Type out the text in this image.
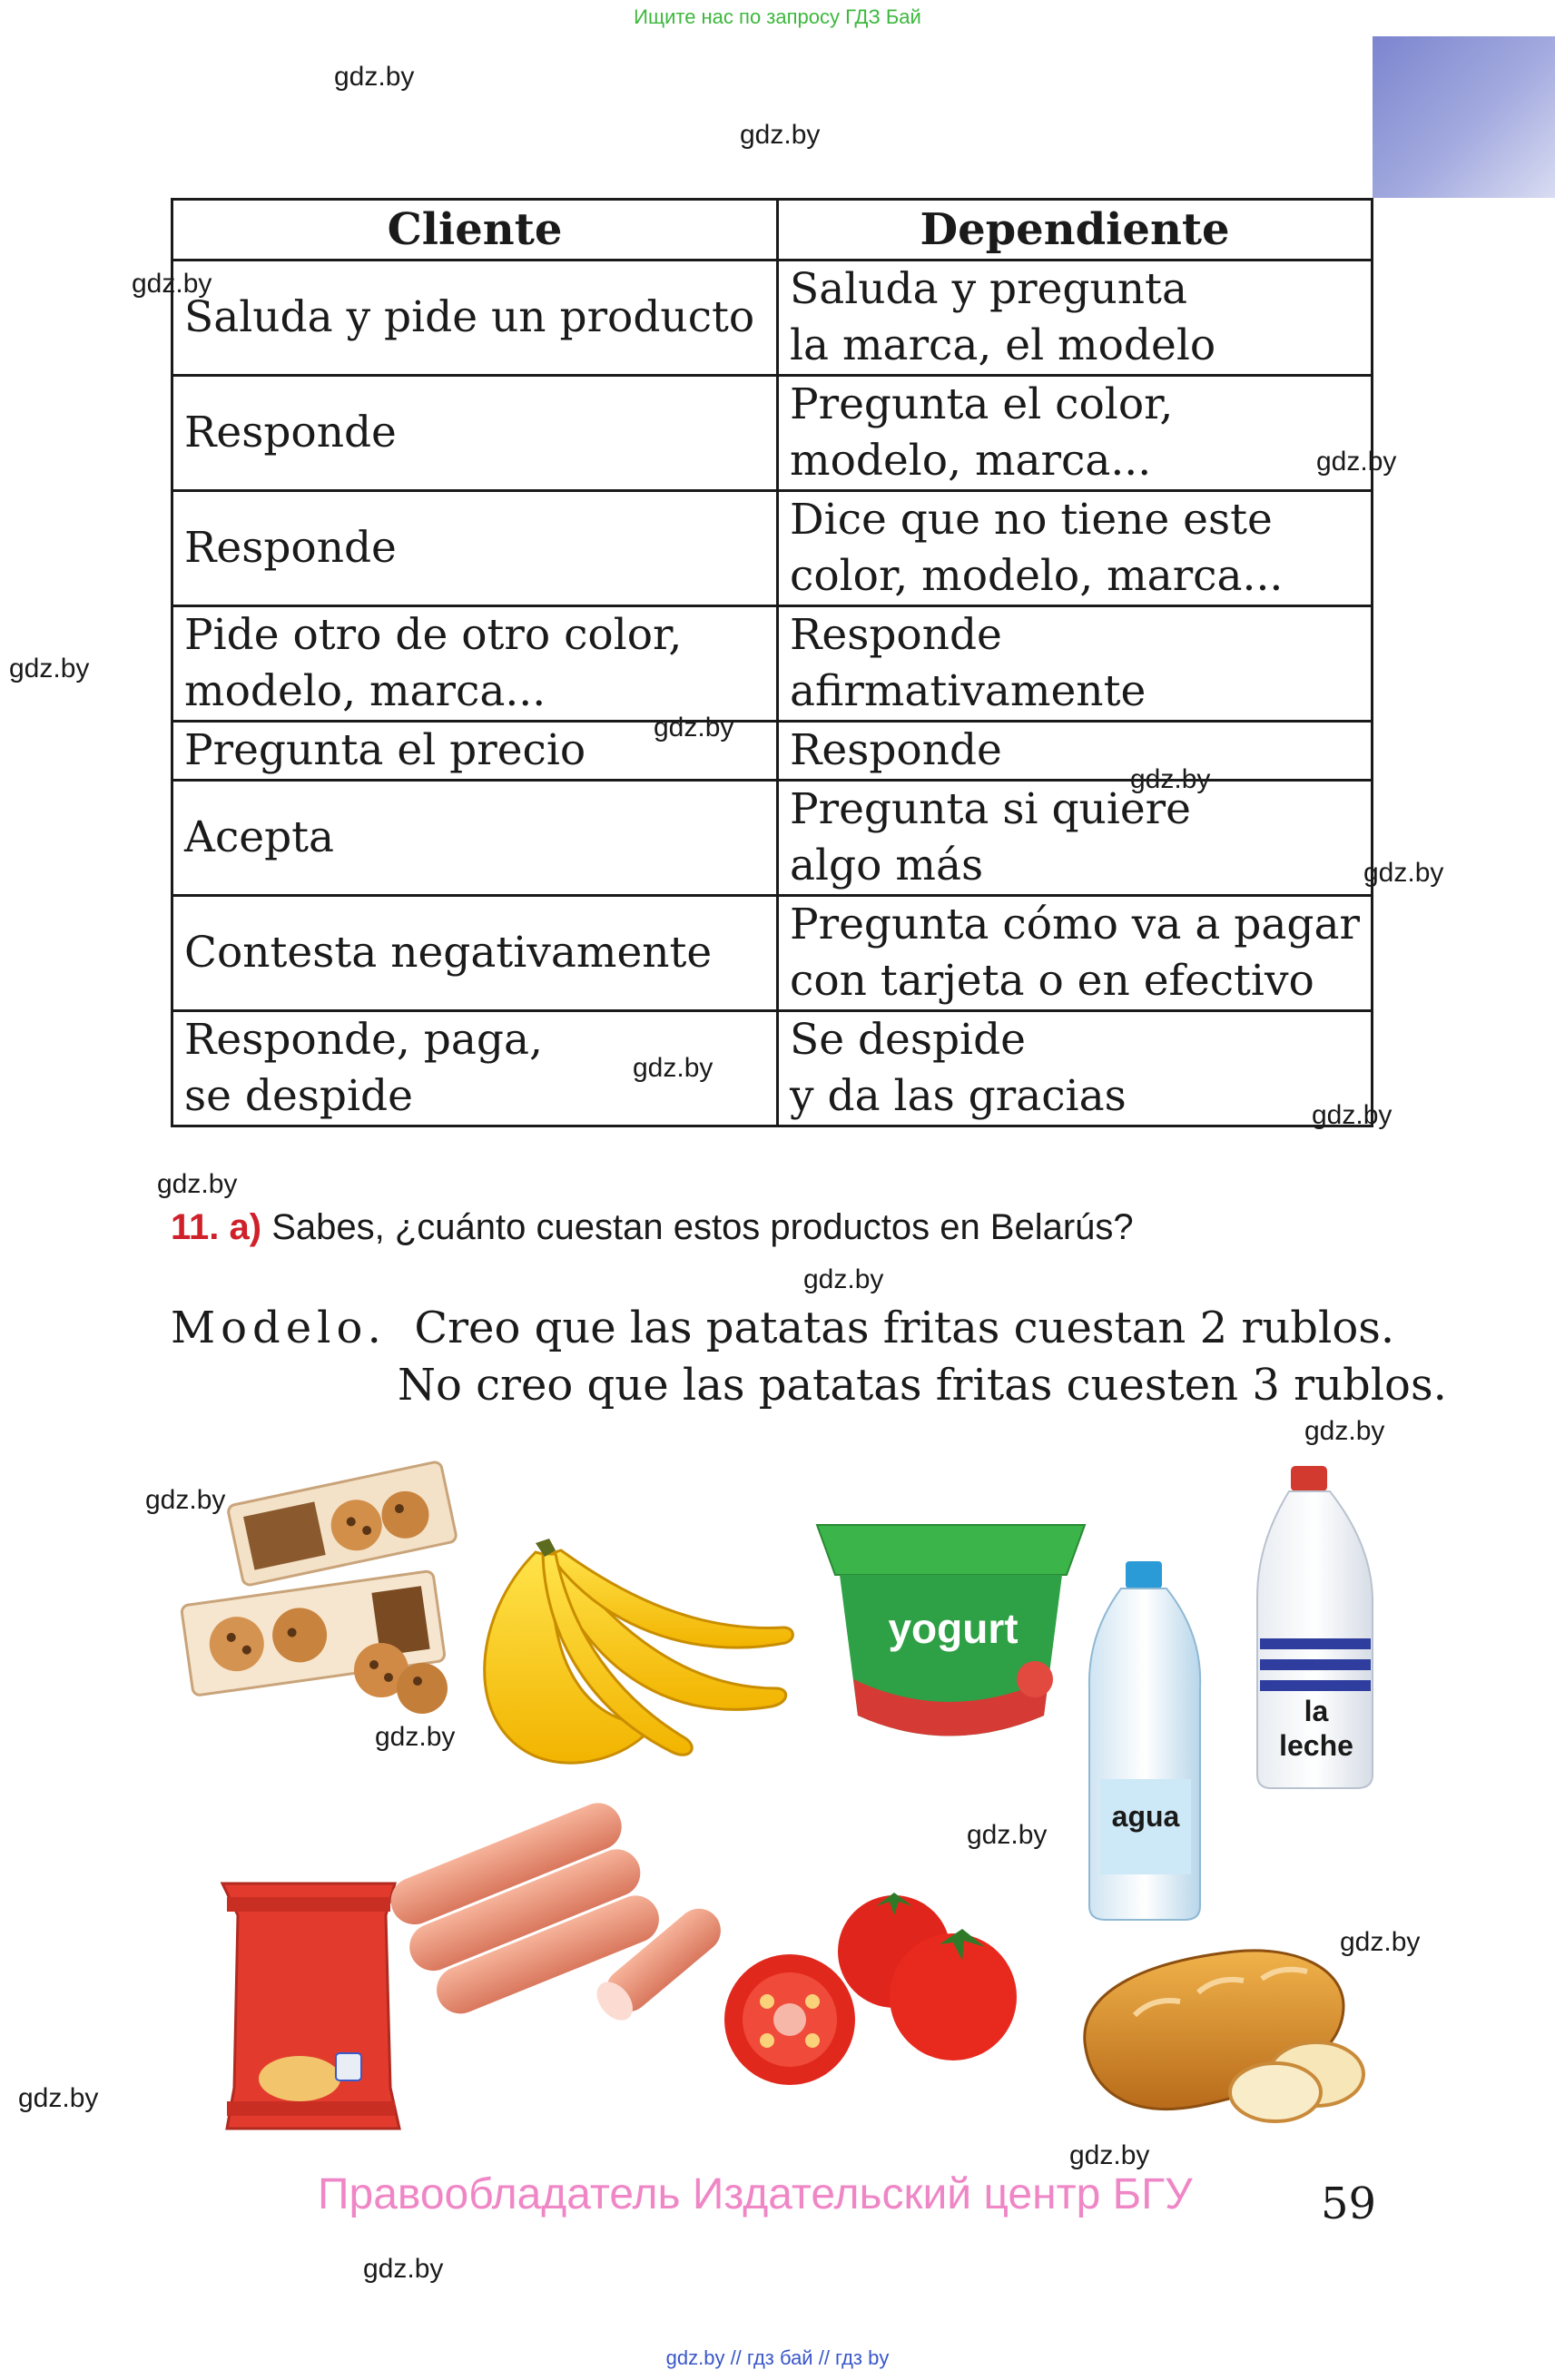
Ищите нас по запросу ГДЗ Бай
gdz.by
gdz.by
gdz.by
gdz.by
gdz.by
gdz.by
gdz.by
gdz.by
gdz.by
gdz.by
gdz.by
gdz.by
gdz.by
gdz.by
gdz.by
gdz.by
gdz.by
gdz.by
gdz.by
gdz.by
Cliente	Dependiente
Saluda y pide un producto	Saluda y pregunta
la marca, el modelo
Responde	Pregunta el color,
modelo, marca...
Responde	Dice que no tiene este
color, modelo, marca...
Pide otro de otro color,
modelo, marca...	Responde
afirmativamente
Pregunta el precio	Responde
Acepta	Pregunta si quiere
algo más
Contesta negativamente	Pregunta cómo va a pagar
con tarjeta o en efectivo
Responde, paga,
se despide	Se despide
y da las gracias
11. a) Sabes, ¿cuánto cuestan estos productos en Belarús?
Modelo. Creo que las patatas fritas cuestan 2 rublos.
No creo que las patatas fritas cuesten 3 rublos.
yogurt
agua
la
leche
Правообладатель Издательский центр БГУ	59
gdz.by // гдз бай // гдз by
